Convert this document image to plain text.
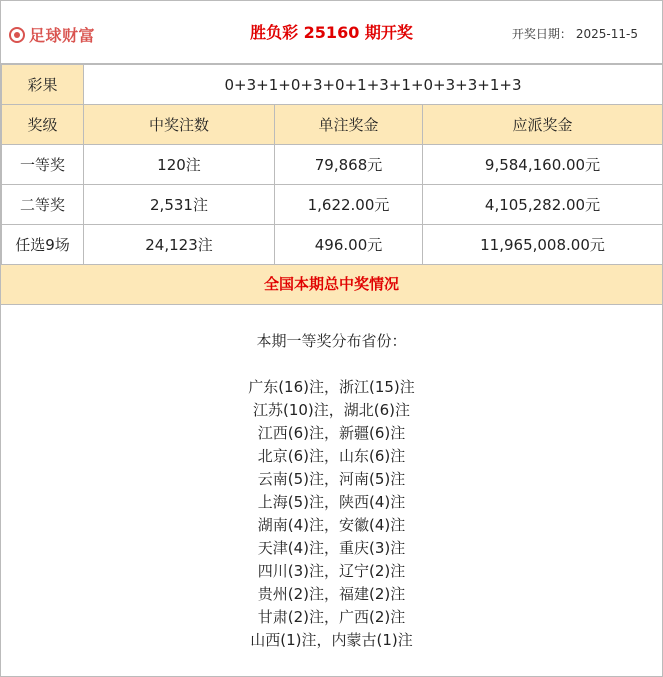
足球财富	胜负彩 25160 期开奖	开奖日期： 2025-11-5
彩果	0+3+1+0+3+0+1+3+1+0+3+3+1+3		
奖级	中奖注数	单注奖金	应派奖金
一等奖	120注	79,868元	9,584,160.00元
二等奖	2,531注	1,622.00元	4,105,282.00元
任选9场	24,123注	496.00元	11,965,008.00元
全国本期总中奖情况
本期一等奖分布省份：
广东(16)注，浙江(15)注
江苏(10)注，湖北(6)注
江西(6)注，新疆(6)注
北京(6)注，山东(6)注
云南(5)注，河南(5)注
上海(5)注，陕西(4)注
湖南(4)注，安徽(4)注
天津(4)注，重庆(3)注
四川(3)注，辽宁(2)注
贵州(2)注，福建(2)注
甘肃(2)注，广西(2)注
山西(1)注，内蒙古(1)注
